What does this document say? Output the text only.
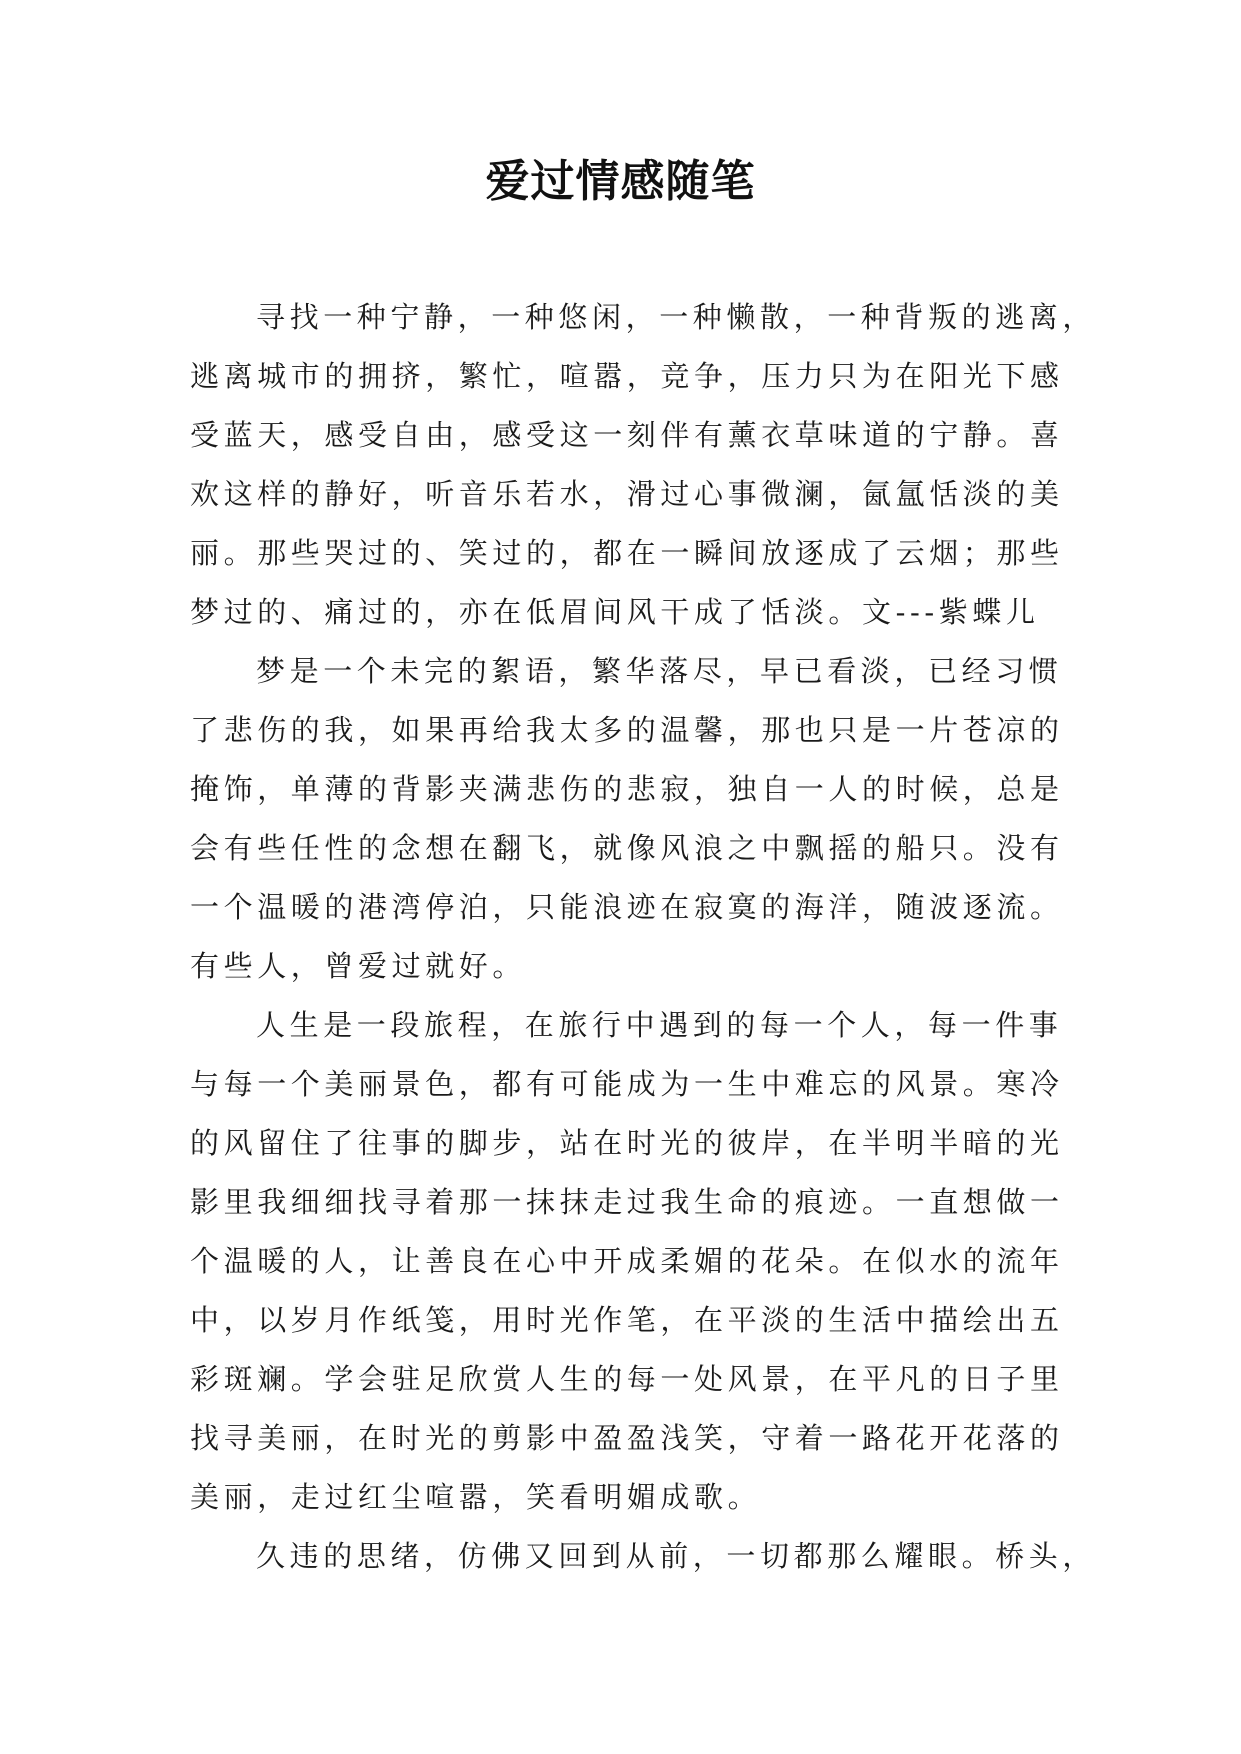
爱过情感随笔
寻找一种宁静，一种悠闲，一种懒散，一种背叛的逃离，
逃离城市的拥挤，繁忙，喧嚣，竞争，压力只为在阳光下感
受蓝天，感受自由，感受这一刻伴有薰衣草味道的宁静。喜
欢这样的静好，听音乐若水，滑过心事微澜，氤氲恬淡的美
丽。那些哭过的、笑过的，都在一瞬间放逐成了云烟；那些
梦过的、痛过的，亦在低眉间风干成了恬淡。文---紫蝶儿
梦是一个未完的絮语，繁华落尽，早已看淡，已经习惯
了悲伤的我，如果再给我太多的温馨，那也只是一片苍凉的
掩饰，单薄的背影夹满悲伤的悲寂，独自一人的时候，总是
会有些任性的念想在翻飞，就像风浪之中飘摇的船只。没有
一个温暖的港湾停泊，只能浪迹在寂寞的海洋，随波逐流。
有些人，曾爱过就好。
人生是一段旅程，在旅行中遇到的每一个人，每一件事
与每一个美丽景色，都有可能成为一生中难忘的风景。寒冷
的风留住了往事的脚步，站在时光的彼岸，在半明半暗的光
影里我细细找寻着那一抹抹走过我生命的痕迹。一直想做一
个温暖的人，让善良在心中开成柔媚的花朵。在似水的流年
中，以岁月作纸笺，用时光作笔，在平淡的生活中描绘出五
彩斑斓。学会驻足欣赏人生的每一处风景，在平凡的日子里
找寻美丽，在时光的剪影中盈盈浅笑，守着一路花开花落的
美丽，走过红尘喧嚣，笑看明媚成歌。
久违的思绪，仿佛又回到从前，一切都那么耀眼。桥头，
